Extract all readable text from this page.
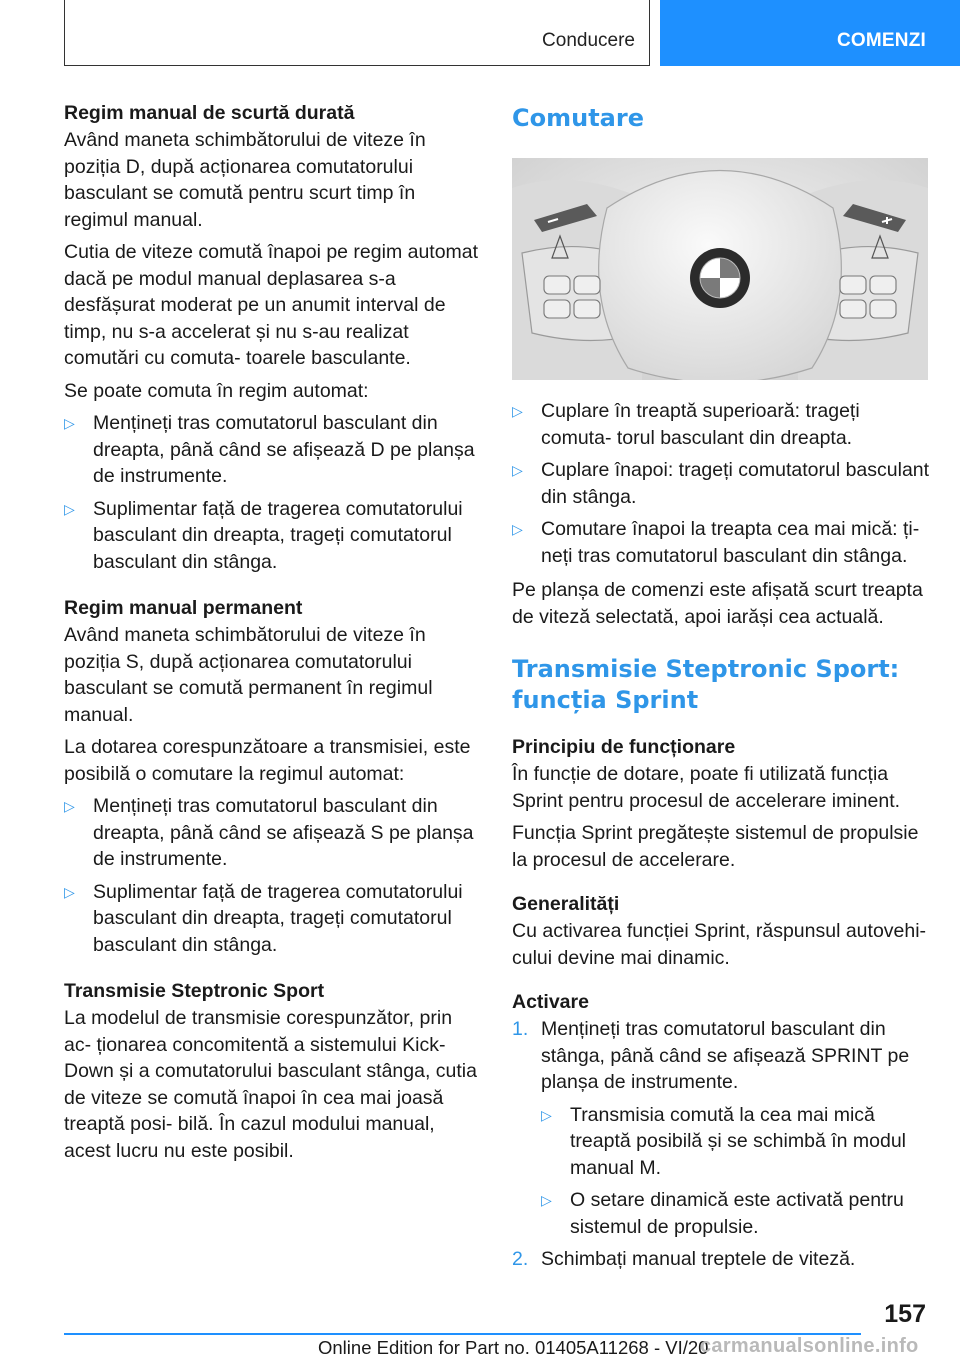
Conducere	COMENZI
Regim manual de scurtă durată

Având maneta schimbătorului de viteze în poziția D, după acționarea comutatorului basculant se comută pentru scurt timp în regimul manual.

Cutia de viteze comută înapoi pe regim automat dacă pe modul manual deplasarea s-a desfășurat moderat pe un anumit interval de timp, nu s-a accelerat și nu s-au realizat comutări cu comuta‐ toarele basculante.

Se poate comuta în regim automat:

▷ Mențineți tras comutatorul basculant din dreapta, până când se afișează D pe planșa de instrumente.
▷ Suplimentar față de tragerea comutatorului basculant din dreapta, trageți comutatorul basculant din stânga.
Regim manual permanent

Având maneta schimbătorului de viteze în poziția S, după acționarea comutatorului basculant se comută permanent în regimul manual.

La dotarea corespunzătoare a transmisiei, este posibilă o comutare la regimul automat:

▷ Mențineți tras comutatorul basculant din dreapta, până când se afișează S pe planșa de instrumente.
▷ Suplimentar față de tragerea comutatorului basculant din dreapta, trageți comutatorul basculant din stânga.
Transmisie Steptronic Sport

La modelul de transmisie corespunzător, prin ac‐ ționarea concomitentă a sistemului Kick-Down și a comutatorului basculant stânga, cutia de viteze se comută înapoi în cea mai joasă treaptă posi‐ bilă. În cazul modului manual, acest lucru nu este posibil.

Comutare
▷ Cuplare în treaptă superioară: trageți comuta‐ torul basculant din dreapta.
▷ Cuplare înapoi: trageți comutatorul basculant din stânga.
▷ Comutare înapoi la treapta cea mai mică: ți‐ neți tras comutatorul basculant din stânga.

Pe planșa de comenzi este afișată scurt treapta de viteză selectată, apoi iarăși cea actuală.

Transmisie Steptronic Sport: funcția Sprint
Principiu de funcționare

În funcție de dotare, poate fi utilizată funcția Sprint pentru procesul de accelerare iminent.

Funcția Sprint pregătește sistemul de propulsie la procesul de accelerare.

Generalități

Cu activarea funcției Sprint, răspunsul autovehi‐ cului devine mai dinamic.

Activare
1. Mențineți tras comutatorul basculant din stânga, până când se afișează SPRINT pe planșa de instrumente.
▷ Transmisia comută la cea mai mică treaptă posibilă și se schimbă în modul manual M.
▷ O setare dinamică este activată pentru sistemul de propulsie.
2. Schimbați manual treptele de viteză.
157
Online Edition for Part no. 01405A11268 - VI/20
carmanualsonline.info
